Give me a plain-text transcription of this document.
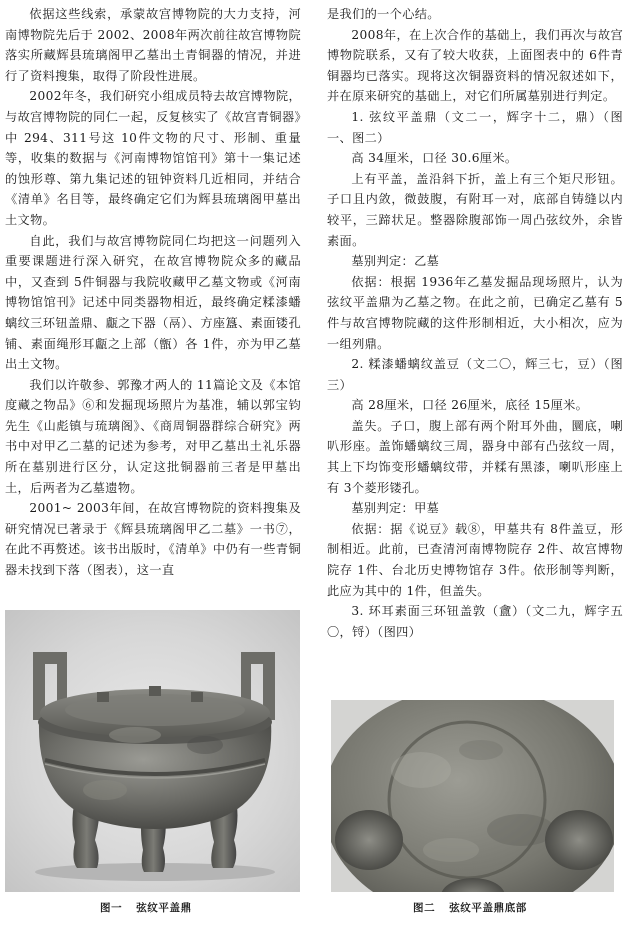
依据这些线索，承蒙故宫博物院的大力支持，河南博物院先后于 2002、2008年两次前往故宫博物院落实所藏辉县琉璃阁甲乙墓出土青铜器的情况，并进行了资料搜集，取得了阶段性进展。

2002年冬，我们研究小组成员特去故宫博物院，与故宫博物院的同仁一起，反复核实了《故宫青铜器》中 294、311号这 10件文物的尺寸、形制、重量等，收集的数据与《河南博物馆馆刊》第十一集记述的蚀形尊、第九集记述的钮钟资料几近相同，并结合《清单》名目等，最终确定它们为辉县琉璃阁甲墓出土文物。

自此，我们与故宫博物院同仁均把这一问题列入重要课题进行深入研究，在故宫博物院众多的藏品中，又查到 5件铜器与我院收藏甲乙墓文物或《河南博物馆馆刊》记述中同类器物相近，最终确定糅漆蟠螭纹三环钮盖鼎、甗之下器（鬲）、方座簋、素面镂孔铺、素面绳形耳甗之上部（甑）各 1件，亦为甲乙墓出土文物。

我们以许敬参、郭豫才两人的 11篇论文及《本馆度藏之物品》⑥和发掘现场照片为基准，辅以郭宝钧先生《山彪镇与琉璃阁》、《商周铜器群综合研究》两书中对甲乙二墓的记述为参考，对甲乙墓出土礼乐器所在墓别进行区分，认定这批铜器前三者是甲墓出土，后两者为乙墓遗物。

2001~ 2003年间，在故宫博物院的资料搜集及研究情况已著录于《辉县琉璃阁甲乙二墓》一书⑦，在此不再赘述。该书出版时，《清单》中仍有一些青铜器未找到下落（图表），这一直

是我们的一个心结。

2008年，在上次合作的基础上，我们再次与故宫博物院联系，又有了较大收获，上面图表中的 6件青铜器均已落实。现将这次铜器资料的情况叙述如下，并在原来研究的基础上，对它们所属墓别进行判定。

1. 弦纹平盖鼎（文二一，辉字十二，鼎）（图一、图二）

高 34厘米，口径 30.6厘米。

上有平盖，盖沿斜下折，盖上有三个矩尺形钮。子口且内敛，微鼓腹，有附耳一对，底部自铸缝以内较平，三蹄状足。整器除腹部饰一周凸弦纹外，余皆素面。

墓别判定：乙墓

依据：根据 1936年乙墓发掘品现场照片，认为弦纹平盖鼎为乙墓之物。在此之前，已确定乙墓有 5件与故宫博物院藏的这件形制相近，大小相次，应为一组列鼎。

2. 糅漆蟠螭纹盖豆（文二〇，辉三七，豆）（图三）

高 28厘米，口径 26厘米，底径 15厘米。

盖失。子口，腹上部有两个附耳外曲，圜底，喇叭形座。盖饰蟠螭纹三周，器身中部有凸弦纹一周，其上下均饰变形蟠螭纹带，并糅有黑漆，喇叭形座上有 3个菱形镂孔。

墓别判定：甲墓

依据：据《说豆》载⑧，甲墓共有 8件盖豆，形制相近。此前，已查清河南博物院存 2件、故宫博物院存 1件、台北历史博物馆存 3件。依形制等判断，此应为其中的 1件，但盖失。

3. 环耳素面三环钮盖敦（盦）（文二九，辉字五〇，锊）（图四）

图一 弦纹平盖鼎	图二 弦纹平盖鼎底部
